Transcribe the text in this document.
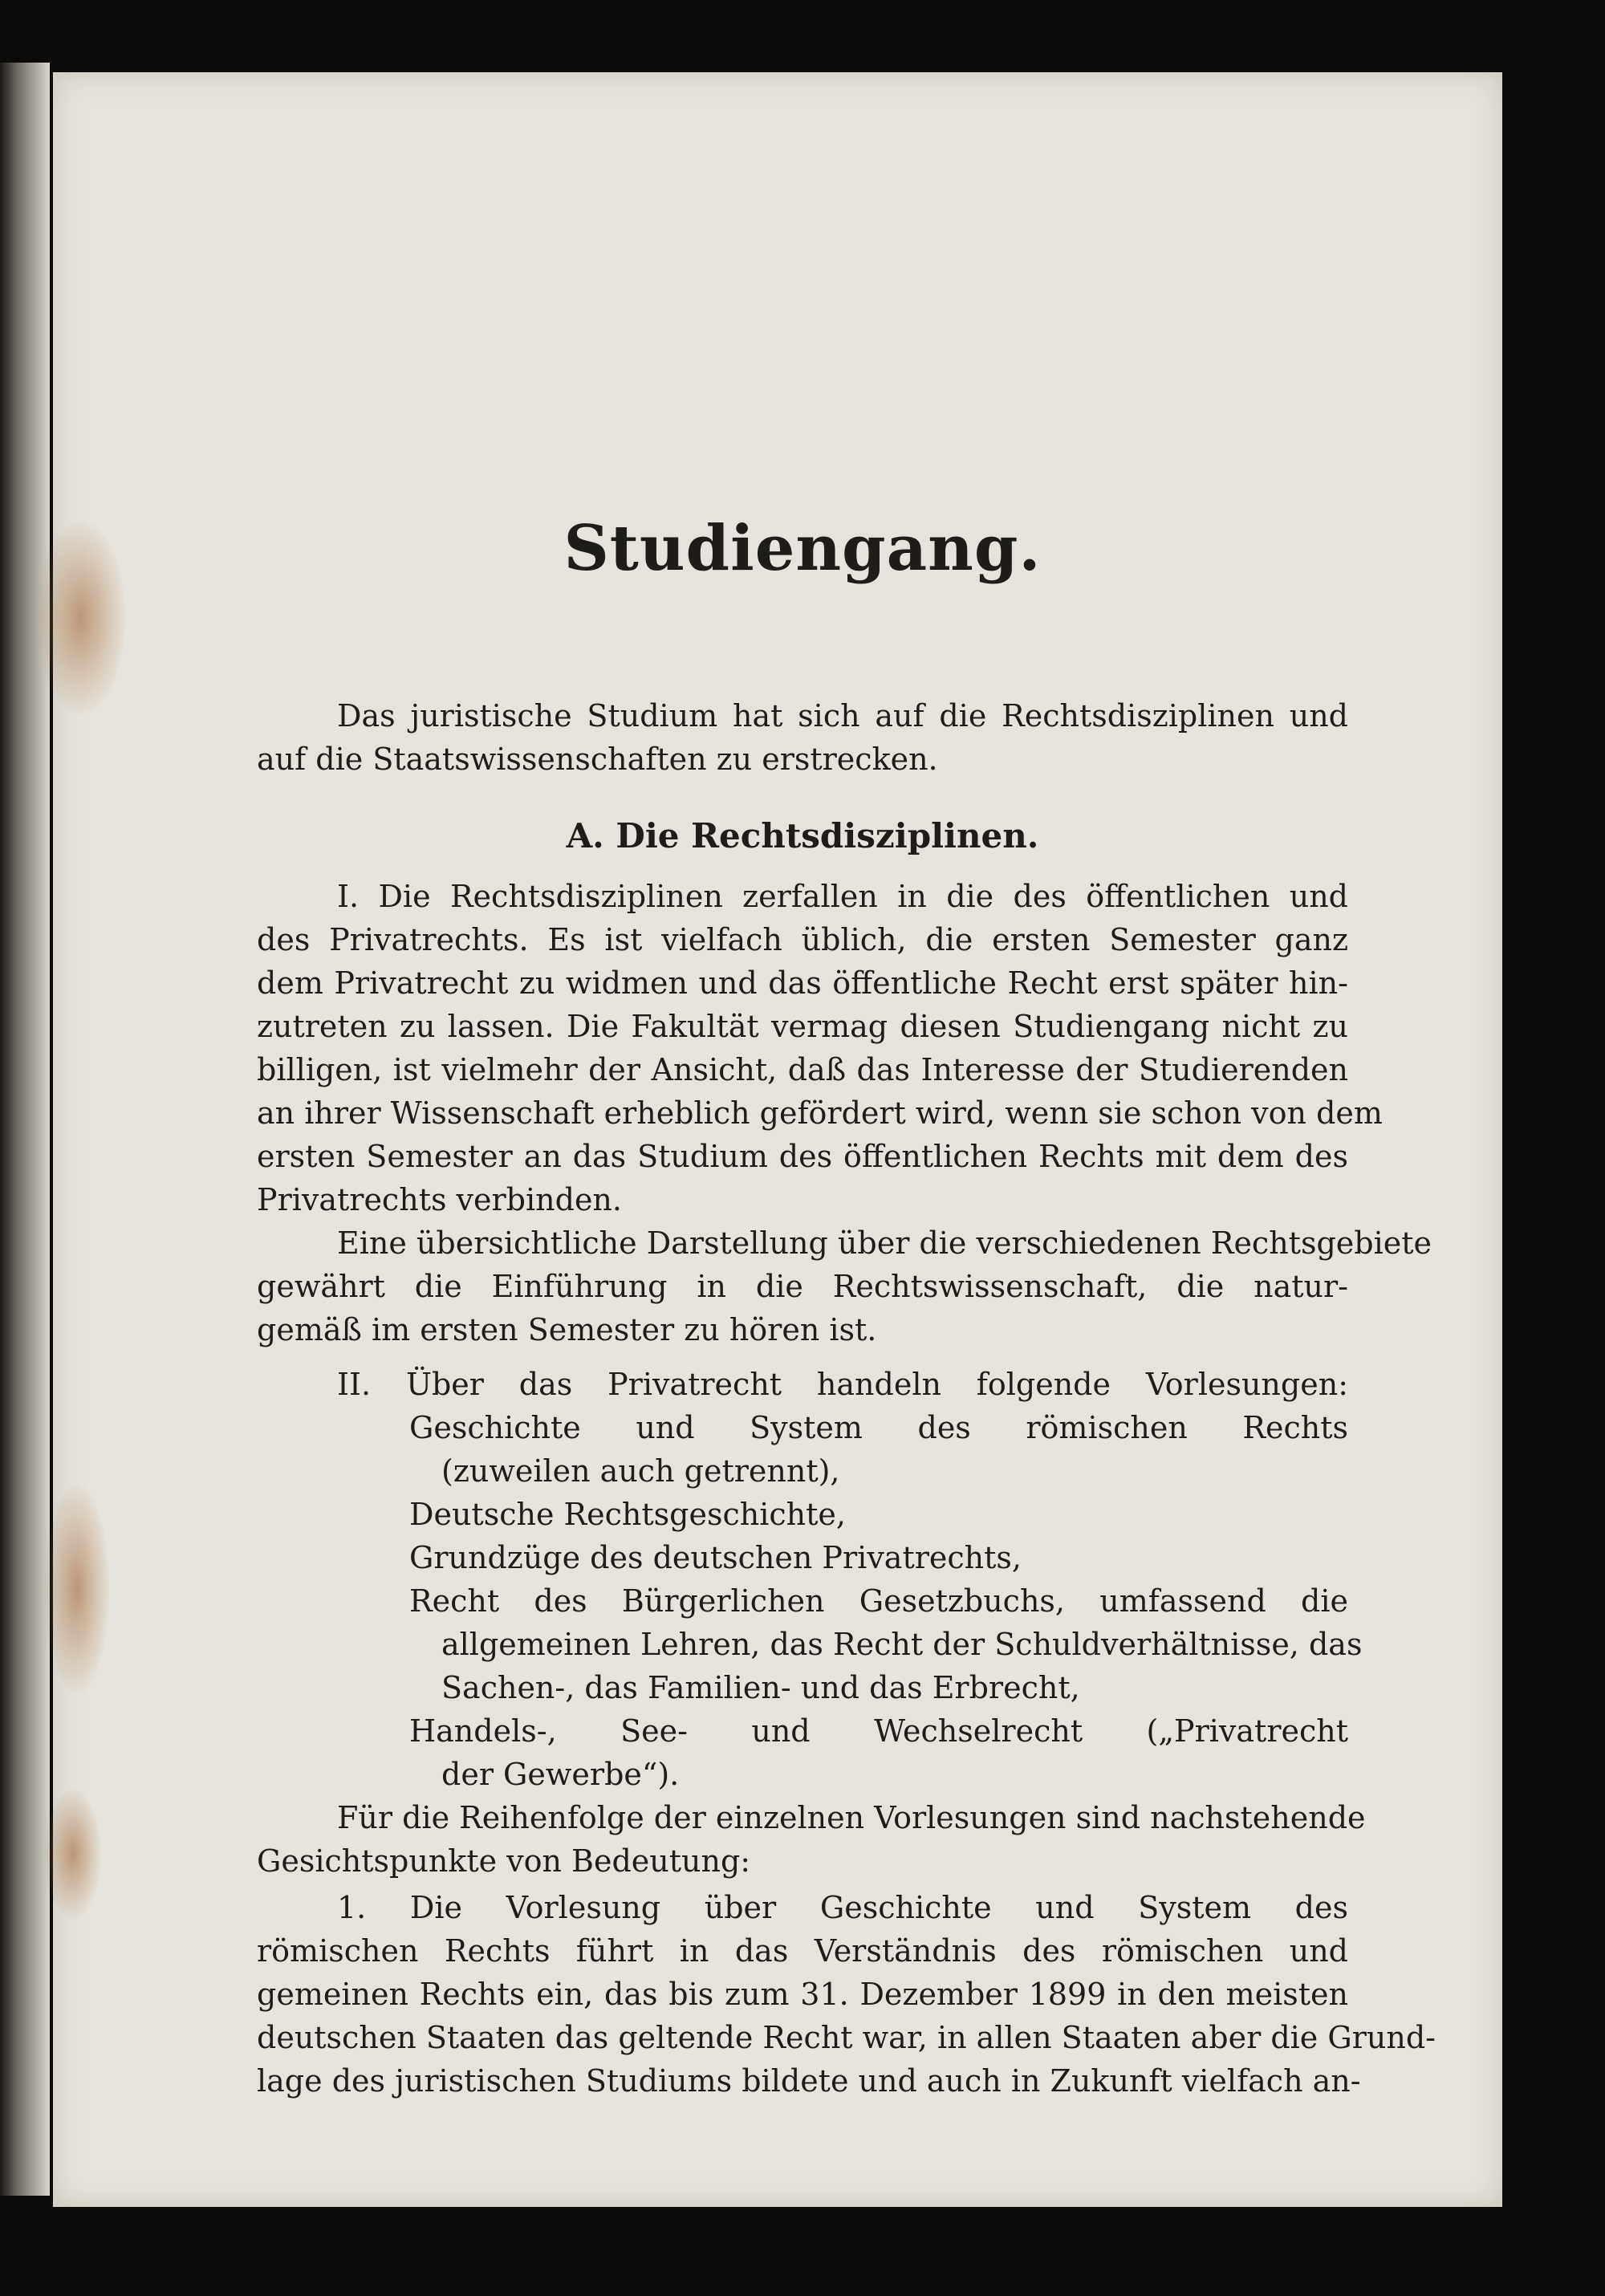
Studiengang.
Das juristische Studium hat sich auf die Rechtsdisziplinen und
auf die Staatswissenschaften zu erstrecken.
A. Die Rechtsdisziplinen.
I. Die Rechtsdisziplinen zerfallen in die des öffentlichen und
des Privatrechts. Es ist vielfach üblich, die ersten Semester ganz
dem Privatrecht zu widmen und das öffentliche Recht erst später hin-
zutreten zu lassen. Die Fakultät vermag diesen Studiengang nicht zu
billigen, ist vielmehr der Ansicht, daß das Interesse der Studierenden
an ihrer Wissenschaft erheblich gefördert wird, wenn sie schon von dem
ersten Semester an das Studium des öffentlichen Rechts mit dem des
Privatrechts verbinden.
Eine übersichtliche Darstellung über die verschiedenen Rechtsgebiete
gewährt die Einführung in die Rechtswissenschaft, die natur-
gemäß im ersten Semester zu hören ist.
II. Über das Privatrecht handeln folgende Vorlesungen:
Geschichte und System des römischen Rechts
(zuweilen auch getrennt),
Deutsche Rechtsgeschichte,
Grundzüge des deutschen Privatrechts,
Recht des Bürgerlichen Gesetzbuchs, umfassend die
allgemeinen Lehren, das Recht der Schuldverhältnisse, das
Sachen-, das Familien- und das Erbrecht,
Handels-, See- und Wechselrecht („Privatrecht
der Gewerbe“).
Für die Reihenfolge der einzelnen Vorlesungen sind nachstehende
Gesichtspunkte von Bedeutung:
1. Die Vorlesung über Geschichte und System des
römischen Rechts führt in das Verständnis des römischen und
gemeinen Rechts ein, das bis zum 31. Dezember 1899 in den meisten
deutschen Staaten das geltende Recht war, in allen Staaten aber die Grund-
lage des juristischen Studiums bildete und auch in Zukunft vielfach an-
